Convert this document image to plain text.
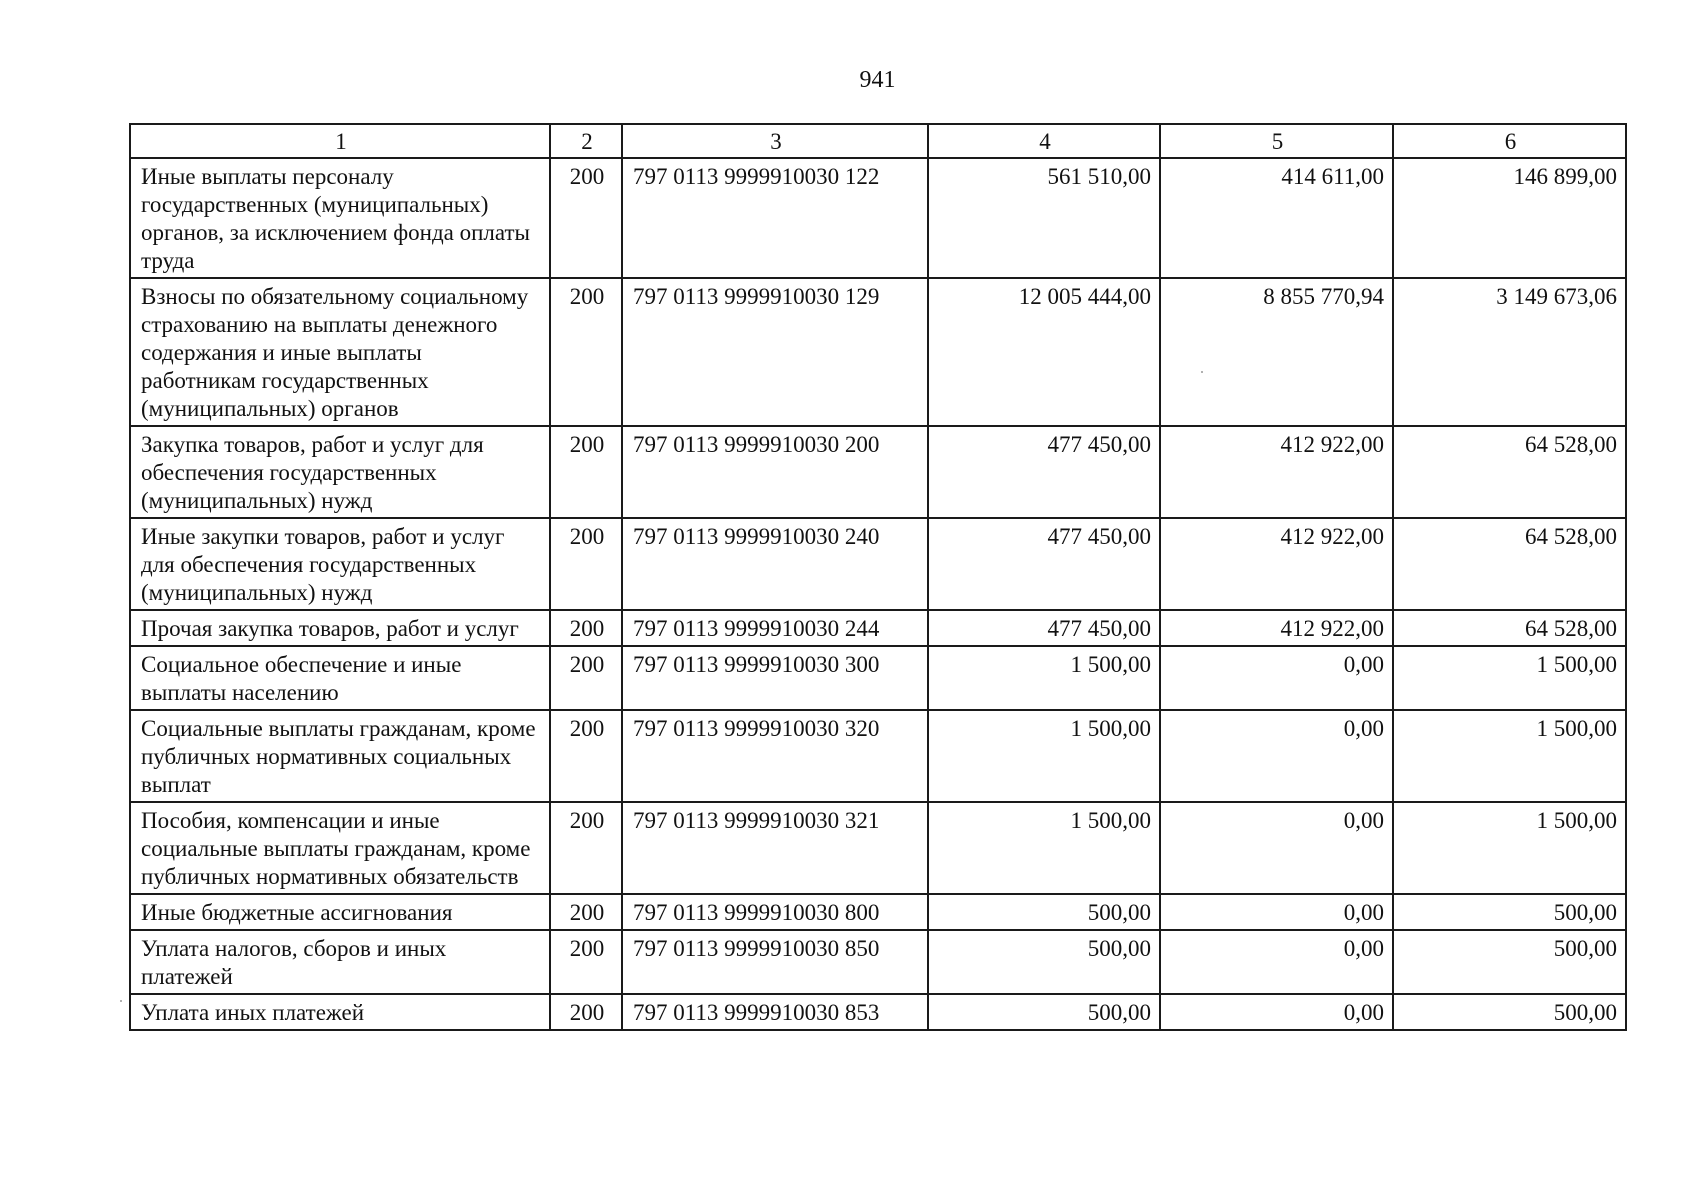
941
1	2	3	4	5	6
Иные выплаты персоналу государственных (муниципальных) органов, за исключением фонда оплаты труда	200	797 0113 9999910030 122	561 510,00	414 611,00	146 899,00
Взносы по обязательному социальному страхованию на выплаты денежного содержания и иные выплаты работникам государственных (муниципальных) органов	200	797 0113 9999910030 129	12 005 444,00	8 855 770,94	3 149 673,06
Закупка товаров, работ и услуг для обеспечения государственных (муниципальных) нужд	200	797 0113 9999910030 200	477 450,00	412 922,00	64 528,00
Иные закупки товаров, работ и услуг для обеспечения государственных (муниципальных) нужд	200	797 0113 9999910030 240	477 450,00	412 922,00	64 528,00
Прочая закупка товаров, работ и услуг	200	797 0113 9999910030 244	477 450,00	412 922,00	64 528,00
Социальное обеспечение и иные выплаты населению	200	797 0113 9999910030 300	1 500,00	0,00	1 500,00
Социальные выплаты гражданам, кроме публичных нормативных социальных выплат	200	797 0113 9999910030 320	1 500,00	0,00	1 500,00
Пособия, компенсации и иные социальные выплаты гражданам, кроме публичных нормативных обязательств	200	797 0113 9999910030 321	1 500,00	0,00	1 500,00
Иные бюджетные ассигнования	200	797 0113 9999910030 800	500,00	0,00	500,00
Уплата налогов, сборов и иных платежей	200	797 0113 9999910030 850	500,00	0,00	500,00
Уплата иных платежей	200	797 0113 9999910030 853	500,00	0,00	500,00
